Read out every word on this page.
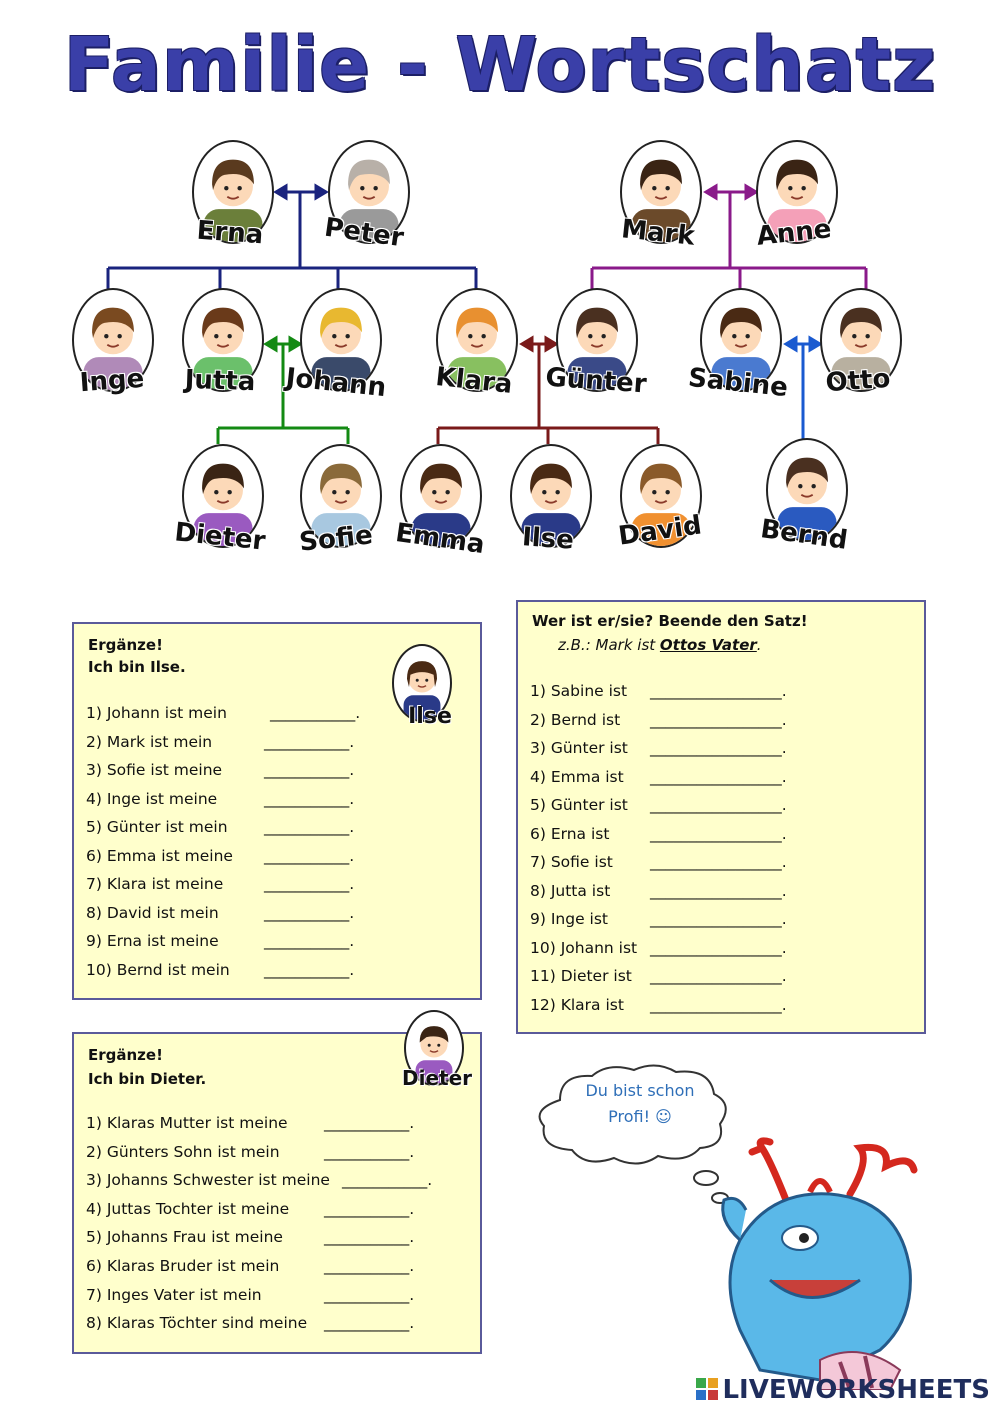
Familie - Wortschatz
Erna	Peter	Mark	Anne
Inge	Jutta	Johann	Klara	Günter	Sabine	Otto
Dieter	Sofie Emma	Ilse	David	Bernd
Ergänze!
Ich bin Ilse.
Ilse
1) Johann ist mein	___________.
2) Mark ist mein	___________.
3) Sofie ist meine	___________.
4) Inge ist meine	___________.
5) Günter ist mein ___________.
6) Emma ist meine ___________.
7) Klara ist meine	___________.
8) David ist mein	___________.
9) Erna ist meine	___________.
10) Bernd ist mein ___________.
Wer ist er/sie? Beende den Satz!
z.B.: Mark ist Ottos Vater.
1) Sabine ist _________________.
2) Bernd ist _________________.
3) Günter ist _________________.
4) Emma ist _________________.
5) Günter ist _________________.
6) Erna ist	_________________.
7) Sofie ist _________________.
8) Jutta ist	_________________.
9) Inge ist	_________________.
10) Johann ist _________________.
11) Dieter ist _________________.
12) Klara ist _________________.
Ergänze!
Ich bin Dieter.	Dieter
1) Klaras Mutter ist meine ___________.
2) Günters Sohn ist mein	___________.
3) Johanns Schwester ist meine ___________.
4) Juttas Tochter ist meine ___________.
5) Johanns Frau ist meine	___________.
6) Klaras Bruder ist mein	___________.
7) Inges Vater ist mein	___________.
8) Klaras Töchter sind meine ___________.
Du bist schon
Profi! ☺
LIVEWORKSHEETS
